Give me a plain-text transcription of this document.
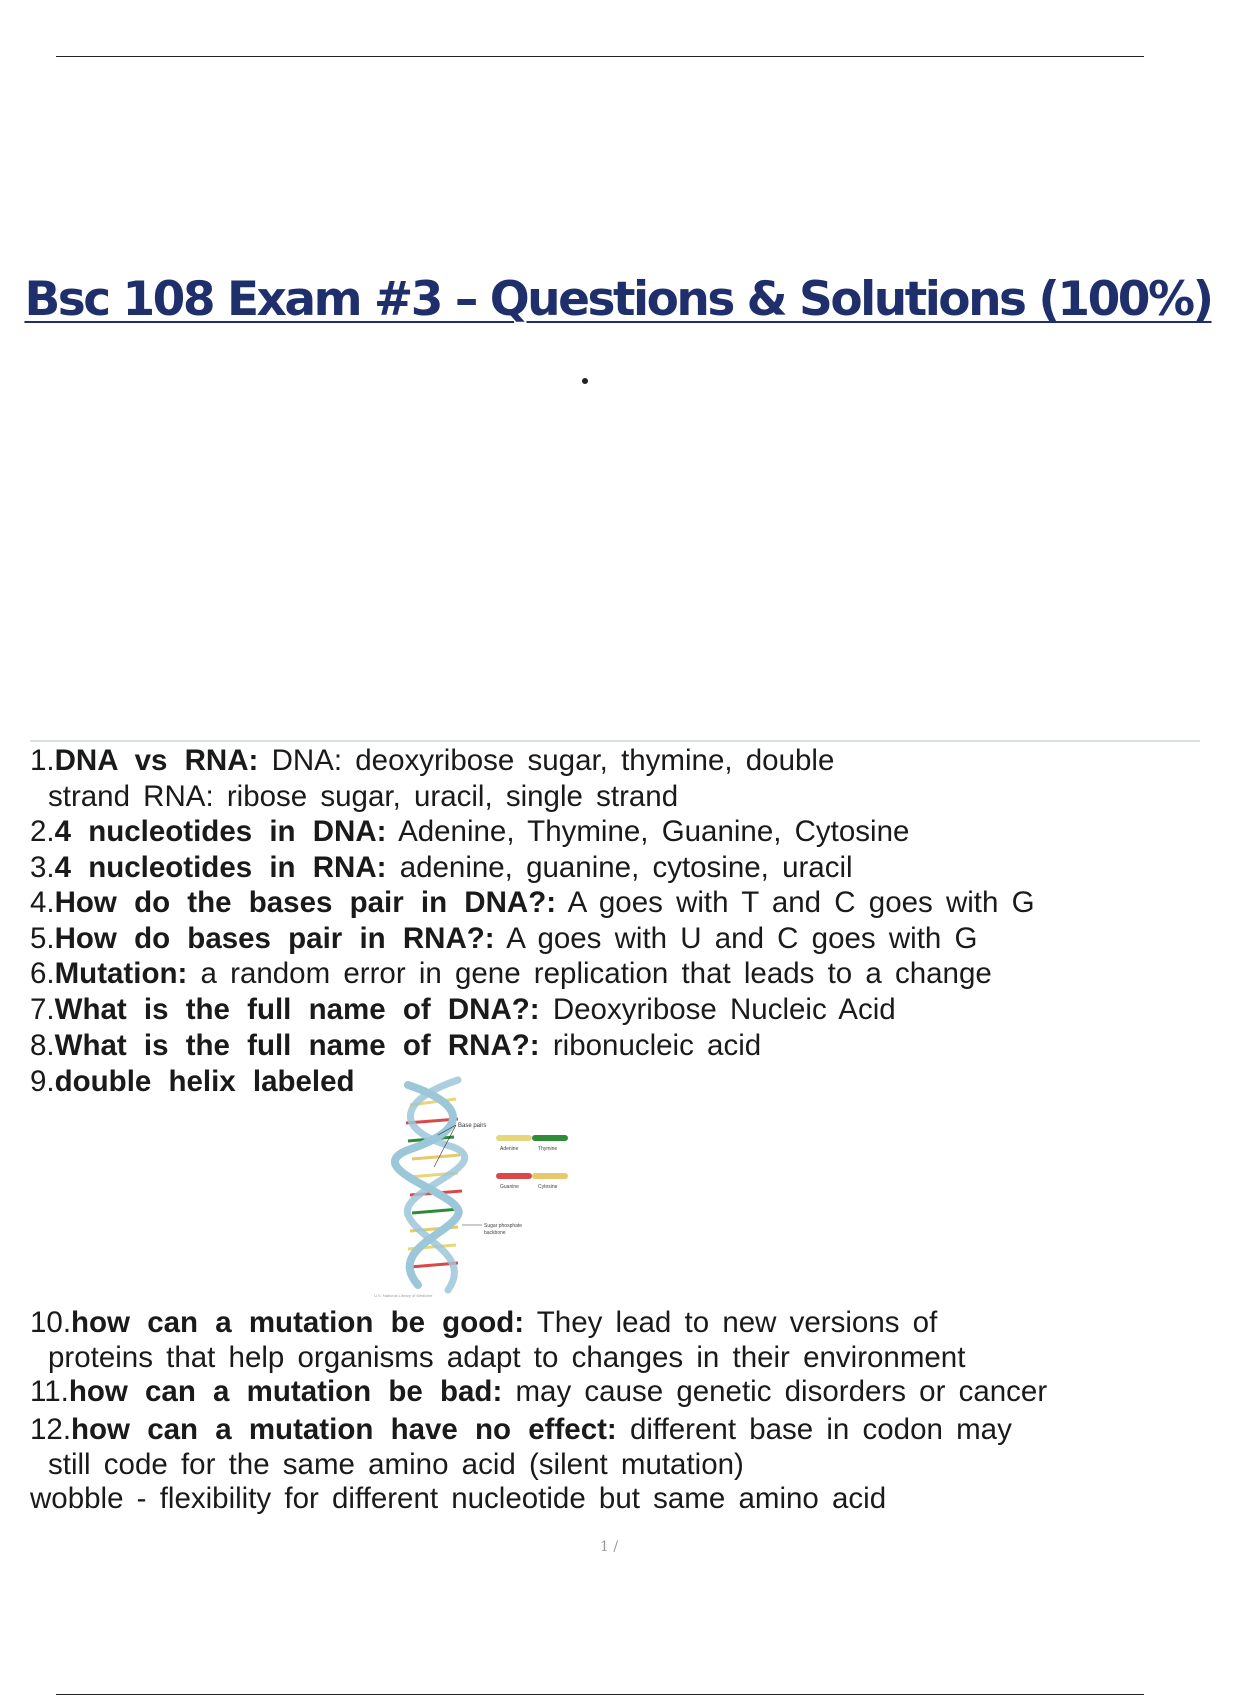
Bsc 108 Exam #3 – Questions & Solutions (100%)
1.DNA vs RNA: DNA: deoxyribose sugar, thymine, double
strand RNA: ribose sugar, uracil, single strand
2.4 nucleotides in DNA: Adenine, Thymine, Guanine, Cytosine
3.4 nucleotides in RNA: adenine, guanine, cytosine, uracil
4.How do the bases pair in DNA?: A goes with T and C goes with G
5.How do bases pair in RNA?: A goes with U and C goes with G
6.Mutation: a random error in gene replication that leads to a change
7.What is the full name of DNA?: Deoxyribose Nucleic Acid
8.What is the full name of RNA?: ribonucleic acid
9.double helix labeled
Base pairs
Adenine	Thymine
Guanine	Cytosine
Sugar phosphate
backbone
U.S. National Library of Medicine
10.how can a mutation be good: They lead to new versions of
proteins that help organisms adapt to changes in their environment
11.how can a mutation be bad: may cause genetic disorders or cancer
12.how can a mutation have no effect: different base in codon may
still code for the same amino acid (silent mutation)
wobble - flexibility for different nucleotide but same amino acid
1 /
